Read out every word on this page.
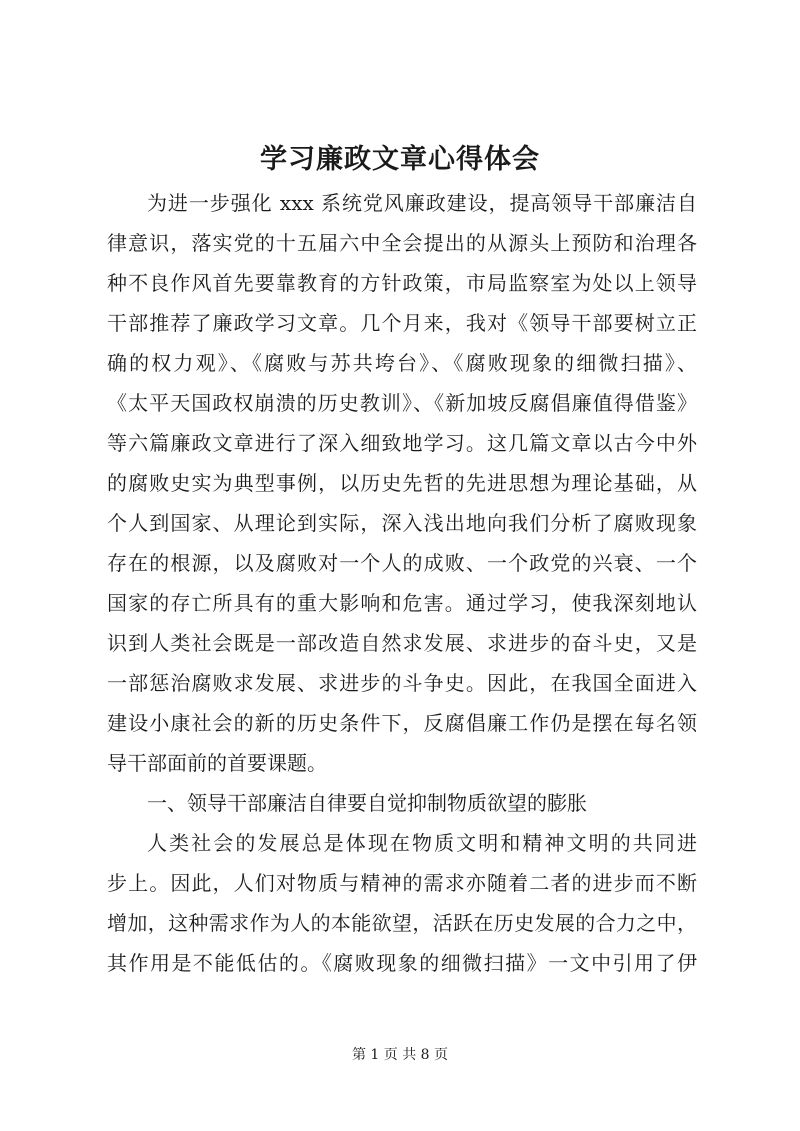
学习廉政文章心得体会
为进一步强化 xxx 系统党风廉政建设，提高领导干部廉洁自
律意识，落实党的十五届六中全会提出的从源头上预防和治理各
种不良作风首先要靠教育的方针政策，市局监察室为处以上领导
干部推荐了廉政学习文章。几个月来，我对《领导干部要树立正
确的权力观》、《腐败与苏共垮台》、《腐败现象的细微扫描》、
《太平天国政权崩溃的历史教训》、《新加坡反腐倡廉值得借鉴》
等六篇廉政文章进行了深入细致地学习。这几篇文章以古今中外
的腐败史实为典型事例，以历史先哲的先进思想为理论基础，从
个人到国家、从理论到实际，深入浅出地向我们分析了腐败现象
存在的根源，以及腐败对一个人的成败、一个政党的兴衰、一个
国家的存亡所具有的重大影响和危害。通过学习，使我深刻地认
识到人类社会既是一部改造自然求发展、求进步的奋斗史，又是
一部惩治腐败求发展、求进步的斗争史。因此，在我国全面进入
建设小康社会的新的历史条件下，反腐倡廉工作仍是摆在每名领
导干部面前的首要课题。
一、领导干部廉洁自律要自觉抑制物质欲望的膨胀
人类社会的发展总是体现在物质文明和精神文明的共同进
步上。因此，人们对物质与精神的需求亦随着二者的进步而不断
增加，这种需求作为人的本能欲望，活跃在历史发展的合力之中，
其作用是不能低估的。《腐败现象的细微扫描》一文中引用了伊
第 1 页 共 8 页
